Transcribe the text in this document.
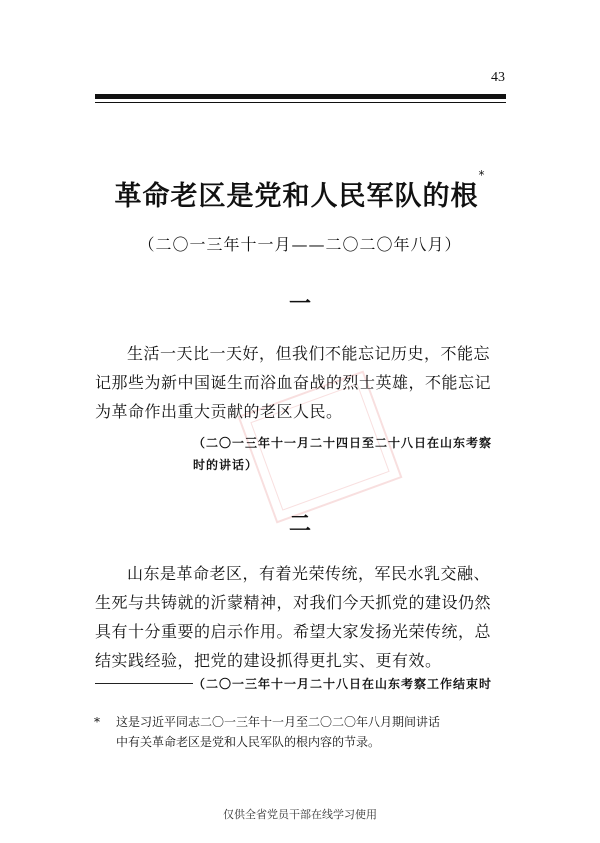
43
革命老区是党和人民军队的根*
（二〇一三年十一月——二〇二〇年八月）
一

生活一天比一天好，但我们不能忘记历史，不能忘
记那些为新中国诞生而浴血奋战的烈士英雄，不能忘记
为革命作出重大贡献的老区人民。

（二〇一三年十一月二十四日至二十八日在山东考察
时的讲话）

二

山东是革命老区，有着光荣传统，军民水乳交融、
生死与共铸就的沂蒙精神，对我们今天抓党的建设仍然
具有十分重要的启示作用。希望大家发扬光荣传统，总
结实践经验，把党的建设抓得更扎实、更有效。

（二〇一三年十一月二十八日在山东考察工作结束时

* 这是习近平同志二〇一三年十一月至二〇二〇年八月期间讲话
中有关革命老区是党和人民军队的根内容的节录。
仅供全省党员干部在线学习使用
